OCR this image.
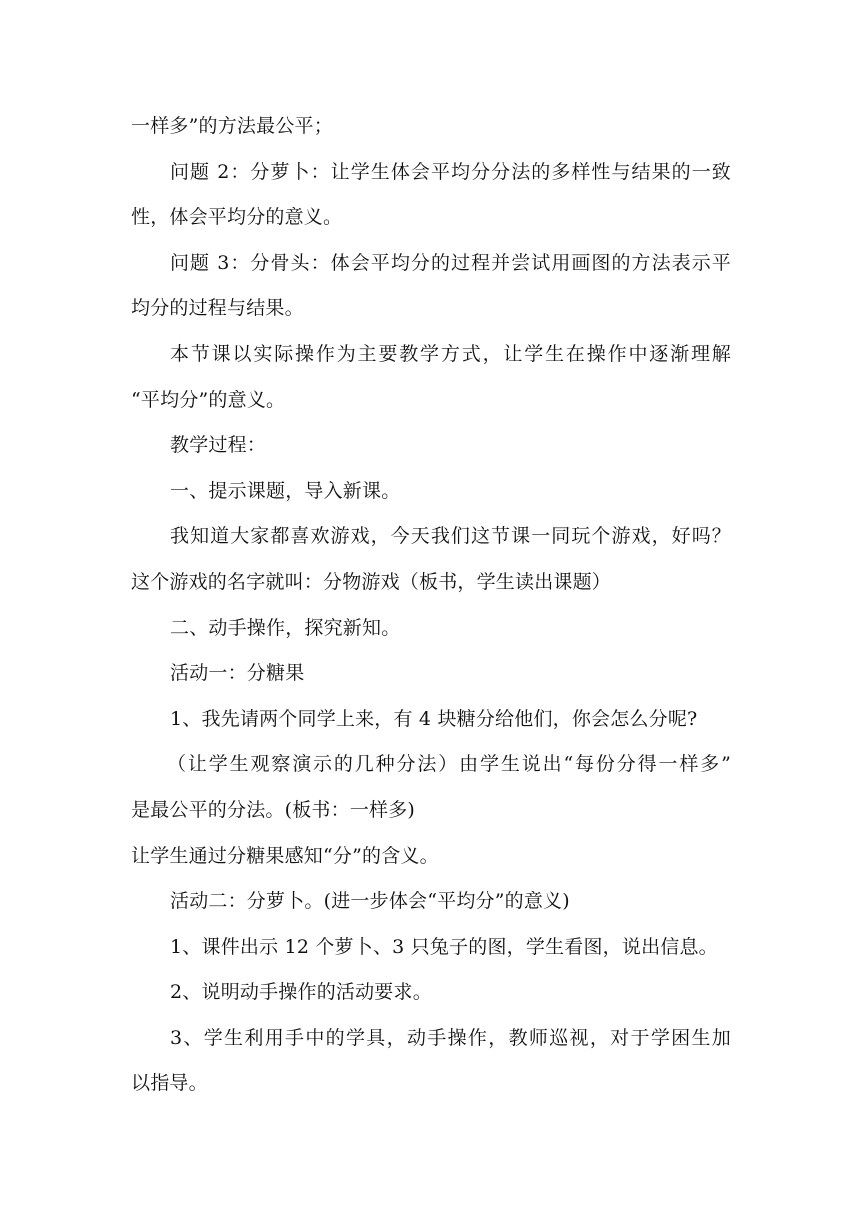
一样多”的方法最公平；
问题 2：分萝卜：让学生体会平均分分法的多样性与结果的一致
性，体会平均分的意义。
问题 3：分骨头：体会平均分的过程并尝试用画图的方法表示平
均分的过程与结果。
本节课以实际操作为主要教学方式，让学生在操作中逐渐理解
“平均分”的意义。
教学过程：
一、提示课题，导入新课。
我知道大家都喜欢游戏，今天我们这节课一同玩个游戏，好吗？
这个游戏的名字就叫：分物游戏（板书，学生读出课题）
二、动手操作，探究新知。
活动一：分糖果
1、我先请两个同学上来，有 4 块糖分给他们，你会怎么分呢?
（让学生观察演示的几种分法）由学生说出“每份分得一样多”
是最公平的分法。(板书：一样多)
让学生通过分糖果感知“分”的含义。
活动二：分萝卜。(进一步体会“平均分”的意义)
1、课件出示 12 个萝卜、3 只兔子的图，学生看图，说出信息。
2、说明动手操作的活动要求。
3、学生利用手中的学具，动手操作，教师巡视，对于学困生加
以指导。
